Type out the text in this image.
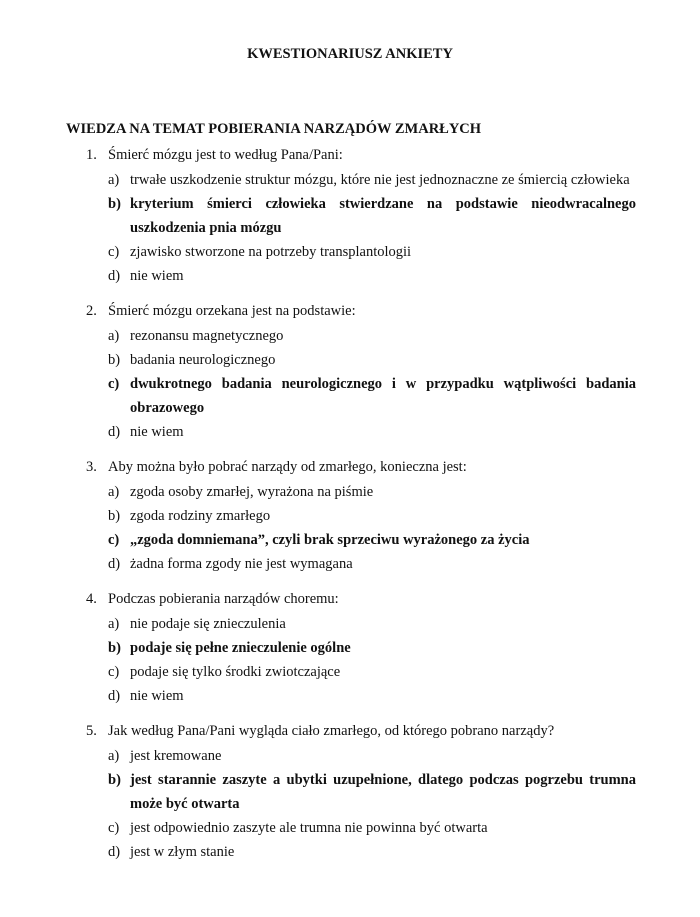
KWESTIONARIUSZ ANKIETY
WIEDZA NA TEMAT POBIERANIA NARZĄDÓW ZMARŁYCH
1. Śmierć mózgu jest to według Pana/Pani:
a) trwałe uszkodzenie struktur mózgu, które nie jest jednoznaczne ze śmiercią człowieka
b) kryterium śmierci człowieka stwierdzane na podstawie nieodwracalnego uszkodzenia pnia mózgu
c) zjawisko stworzone na potrzeby transplantologii
d) nie wiem
2. Śmierć mózgu orzekana jest na podstawie:
a) rezonansu magnetycznego
b) badania neurologicznego
c) dwukrotnego badania neurologicznego i w przypadku wątpliwości badania obrazowego
d) nie wiem
3. Aby można było pobrać narządy od zmarłego, konieczna jest:
a) zgoda osoby zmarłej, wyrażona na piśmie
b) zgoda rodziny zmarłego
c) „zgoda domniemana”, czyli brak sprzeciwu wyrażonego za życia
d) żadna forma zgody nie jest wymagana
4. Podczas pobierania narządów choremu:
a) nie podaje się znieczulenia
b) podaje się pełne znieczulenie ogólne
c) podaje się tylko środki zwiotczające
d) nie wiem
5. Jak według Pana/Pani wygląda ciało zmarłego, od którego pobrano narządy?
a) jest kremowane
b) jest starannie zaszyte a ubytki uzupełnione, dlatego podczas pogrzebu trumna może być otwarta
c) jest odpowiednio zaszyte ale trumna nie powinna być otwarta
d) jest w złym stanie
